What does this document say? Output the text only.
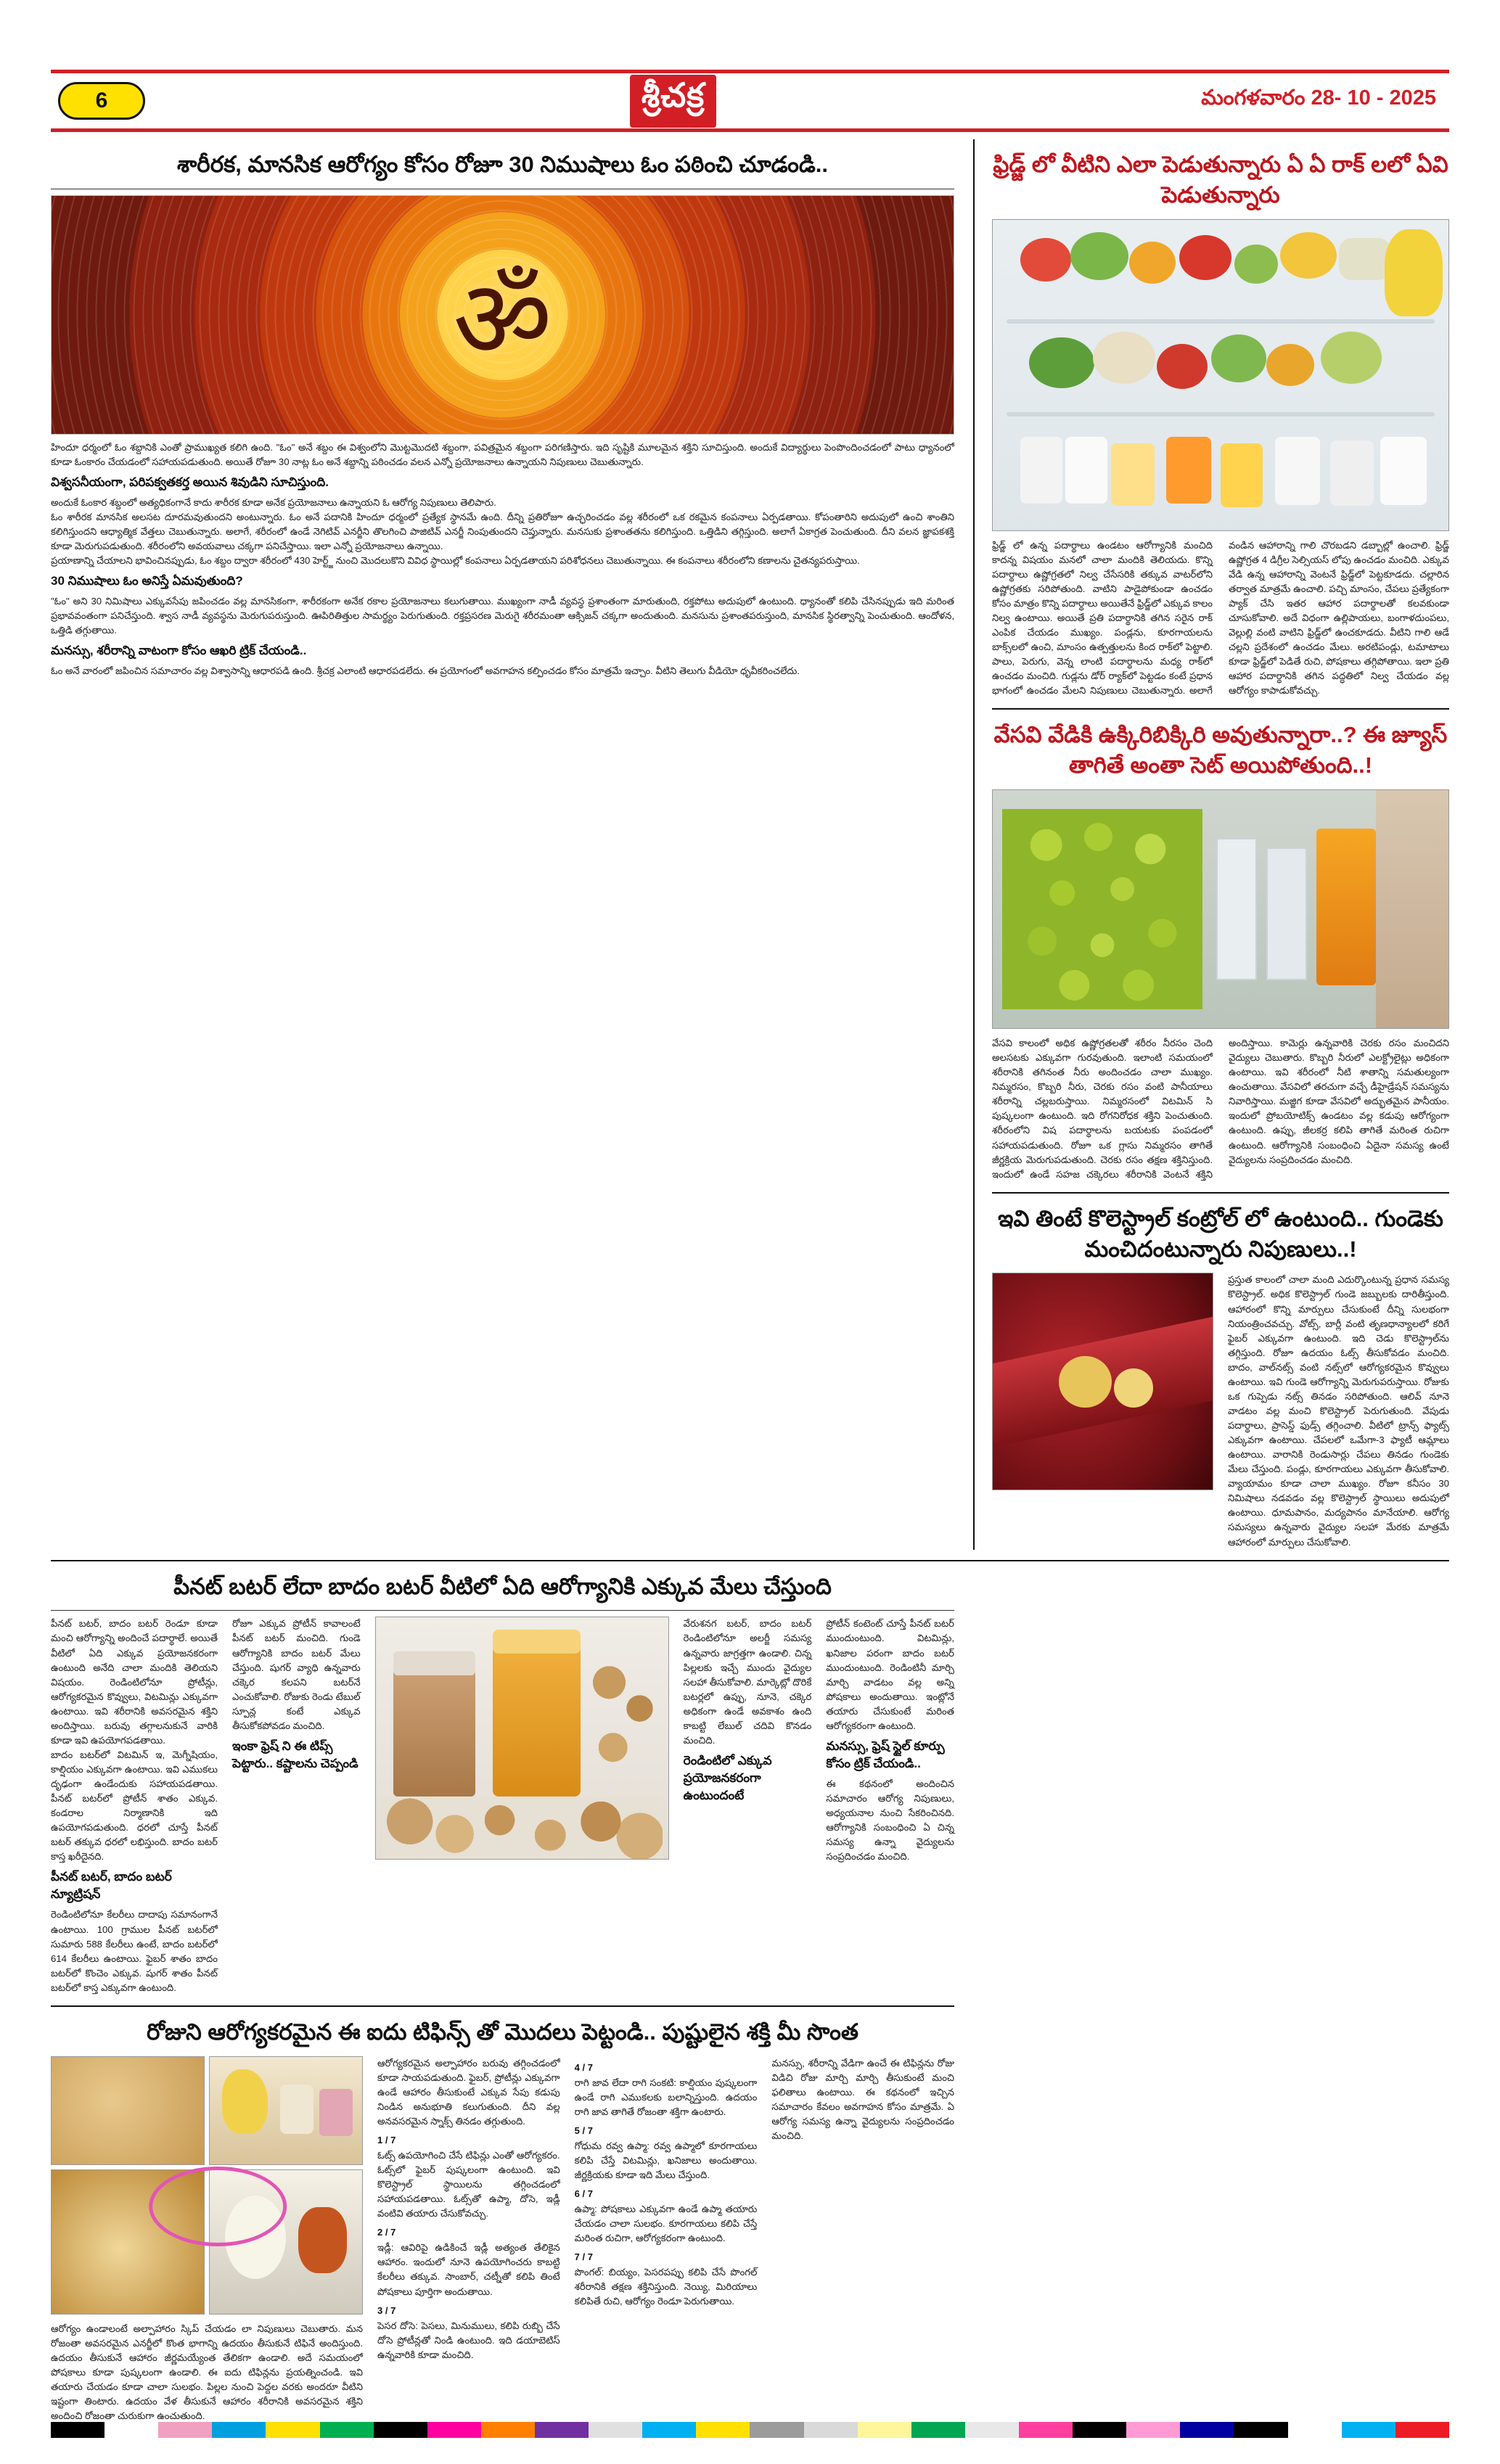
6	శ్రీచక్ర	మంగళవారం 28- 10 - 2025
శారీరక, మానసిక ఆరోగ్యం కోసం రోజూ 30 నిముషాలు ఓం పఠించి చూడండి..
ॐ
హిందూ ధర్మంలో ఓం శబ్దానికి ఎంతో ప్రాముఖ్యత కలిగి ఉంది. "ఓం" అనే శబ్దం ఈ విశ్వంలోని మొట్టమొదటి శబ్దంగా, పవిత్రమైన శబ్దంగా పరిగణిస్తారు. ఇది సృష్టికి మూలమైన శక్తిని సూచిస్తుంది. అందుకే విద్యార్థులు పెంపొందించడంలో పాటు ధ్యానంలో కూడా ఓంకారం చేయడంలో సహాయపడుతుంది. అయితే రోజూ 30 నాట్ల ఓం అనే శబ్దాన్ని పఠించడం వలన ఎన్నో ప్రయోజనాలు ఉన్నాయని నిపుణులు చెబుతున్నారు.
విశ్వసనీయంగా, పరిపక్వతకర్త అయిన శివుడిని సూచిస్తుంది.
అందుకే ఓంకార శబ్దంలో అత్యధికంగానే కాదు శారీరక కూడా అనేక ప్రయోజనాలు ఉన్నాయని ఓ ఆరోగ్య నిపుణులు తెలిపారు.
ఓం శారీరక మానసిక అలసట దూరమవుతుందని అంటున్నారు. ఓం అనే పదానికి హిందూ ధర్మంలో ప్రత్యేక స్థానమే ఉంది. దీన్ని ప్రతిరోజూ ఉచ్ఛరించడం వల్ల శరీరంలో ఒక రకమైన కంపనాలు ఏర్పడతాయి. కోపంతారిని అదుపులో ఉంచి శాంతిని కలిగిస్తుందని ఆధ్యాత్మిక వేత్తలు చెబుతున్నారు. అలాగే, శరీరంలో ఉండే నెగిటివ్ ఎనర్జీని తొలగించి పాజిటివ్ ఎనర్జీ నింపుతుందని చెప్తున్నారు. మనసుకు ప్రశాంతతను కలిగిస్తుంది. ఒత్తిడిని తగ్గిస్తుంది. అలాగే ఏకాగ్రత పెంచుతుంది. దీని వలన జ్ఞాపకశక్తి కూడా మెరుగుపడుతుంది. శరీరంలోని అవయవాలు చక్కగా పనిచేస్తాయి. ఇలా ఎన్నో ప్రయోజనాలు ఉన్నాయి.
ప్రయాణాన్ని చేయాలని భావించినప్పుడు, ఓం శబ్దం ద్వారా శరీరంలో 430 హెర్ట్జ్ నుంచి మొదలుకొని వివిధ స్థాయిల్లో కంపనాలు ఏర్పడతాయని పరిశోధనలు చెబుతున్నాయి. ఈ కంపనాలు శరీరంలోని కణాలను చైతన్యపరుస్తాయి.
30 నిముషాలు ఓం అనిస్తే ఏమవుతుంది?
"ఓం" అని 30 నిమిషాలు ఎక్కువసేపు జపించడం వల్ల మానసికంగా, శారీరకంగా అనేక రకాల ప్రయోజనాలు కలుగుతాయి. ముఖ్యంగా నాడీ వ్యవస్థ ప్రశాంతంగా మారుతుంది, రక్తపోటు అదుపులో ఉంటుంది. ధ్యానంతో కలిపి చేసినప్పుడు ఇది మరింత ప్రభావవంతంగా పనిచేస్తుంది. శ్వాస నాడీ వ్యవస్థను మెరుగుపరుస్తుంది. ఊపిరితిత్తుల సామర్థ్యం పెరుగుతుంది. రక్తప్రసరణ మెరుగై శరీరమంతా ఆక్సిజన్ చక్కగా అందుతుంది. మనసును ప్రశాంతపరుస్తుంది, మానసిక స్థిరత్వాన్ని పెంచుతుంది. ఆందోళన, ఒత్తిడి తగ్గుతాయి.
మనస్సు, శరీరాన్ని వాటంగా కోసం ఆఖరి ట్రిక్ చేయండి..
ఓం అనే వారంలో జపించిన సమాచారం వల్ల విశ్వాసాన్ని ఆధారపడి ఉంది. శ్రీచక్ర ఎలాంటి ఆధారపడలేదు. ఈ ప్రయోగంలో అవగాహన కల్పించడం కోసం మాత్రమే ఇచ్చాం. వీటిని తెలుగు వీడియో ధృవీకరించలేదు.
ఫ్రిడ్జ్ లో వీటిని ఎలా పెడుతున్నారు ఏ ఏ రాక్ లలో ఏవి పెడుతున్నారు
ఫ్రిడ్జ్ లో ఉన్న పదార్థాలు ఉండటం ఆరోగ్యానికి మంచిది కాదన్న విషయం మనలో చాలా మందికి తెలియదు. కొన్ని పదార్థాలు ఉష్ణోగ్రతలో నిల్వ చేసేసరికి తక్కువ వాటర్‌లోని ఉష్ణోగ్రతకు సరిపోతుంది. వాటిని పాడైపోకుండా ఉంచడం కోసం మాత్రం కొన్ని పదార్థాలు అయితేనే ఫ్రిడ్జ్‌లో ఎక్కువ కాలం నిల్వ ఉంటాయి. అయితే ప్రతి పదార్థానికి తగిన సరైన రాక్ ఎంపిక చేయడం ముఖ్యం. పండ్లను, కూరగాయలను బాక్స్‌లలో ఉంచి, మాంసం ఉత్పత్తులను కింద రాక్‌లో పెట్టాలి. పాలు, పెరుగు, వెన్న లాంటి పదార్థాలను మధ్య రాక్‌లో ఉంచడం మంచిది. గుడ్లను డోర్ ర్యాక్‌లో పెట్టడం కంటే ప్రధాన భాగంలో ఉంచడం మేలని నిపుణులు చెబుతున్నారు. అలాగే వండిన ఆహారాన్ని గాలి చొరబడని డబ్బాల్లో ఉంచాలి. ఫ్రిడ్జ్ ఉష్ణోగ్రత 4 డిగ్రీల సెల్సియస్ లోపు ఉంచడం మంచిది. ఎక్కువ వేడి ఉన్న ఆహారాన్ని వెంటనే ఫ్రిడ్జ్‌లో పెట్టకూడదు. చల్లారిన తర్వాత మాత్రమే ఉంచాలి. పచ్చి మాంసం, చేపలు ప్రత్యేకంగా ప్యాక్ చేసి ఇతర ఆహార పదార్థాలతో కలవకుండా చూసుకోవాలి. అదే విధంగా ఉల్లిపాయలు, బంగాళదుంపలు, వెల్లుల్లి వంటి వాటిని ఫ్రిడ్జ్‌లో ఉంచకూడదు. వీటిని గాలి ఆడే చల్లని ప్రదేశంలో ఉంచడం మేలు. అరటిపండ్లు, టమాటాలు కూడా ఫ్రిడ్జ్‌లో పెడితే రుచి, పోషకాలు తగ్గిపోతాయి. ఇలా ప్రతి ఆహార పదార్థానికి తగిన పద్ధతిలో నిల్వ చేయడం వల్ల ఆరోగ్యం కాపాడుకోవచ్చు.
వేసవి వేడికి ఉక్కిరిబిక్కిరి అవుతున్నారా..? ఈ జ్యూస్ తాగితే అంతా సెట్ అయిపోతుంది..!
వేసవి కాలంలో అధిక ఉష్ణోగ్రతలతో శరీరం నీరసం చెంది అలసటకు ఎక్కువగా గురవుతుంది. ఇలాంటి సమయంలో శరీరానికి తగినంత నీరు అందించడం చాలా ముఖ్యం. నిమ్మరసం, కొబ్బరి నీరు, చెరకు రసం వంటి పానీయాలు శరీరాన్ని చల్లబరుస్తాయి. నిమ్మరసంలో విటమిన్ సి పుష్కలంగా ఉంటుంది. ఇది రోగనిరోధక శక్తిని పెంచుతుంది. శరీరంలోని విష పదార్థాలను బయటకు పంపడంలో సహాయపడుతుంది. రోజూ ఒక గ్లాసు నిమ్మరసం తాగితే జీర్ణక్రియ మెరుగుపడుతుంది. చెరకు రసం తక్షణ శక్తినిస్తుంది. ఇందులో ఉండే సహజ చక్కెరలు శరీరానికి వెంటనే శక్తిని అందిస్తాయి. కామెర్లు ఉన్నవారికి చెరకు రసం మంచిదని వైద్యులు చెబుతారు. కొబ్బరి నీరులో ఎలక్ట్రోలైట్లు అధికంగా ఉంటాయి. ఇవి శరీరంలో నీటి శాతాన్ని సమతుల్యంగా ఉంచుతాయి. వేసవిలో తరచుగా వచ్చే డీహైడ్రేషన్ సమస్యను నివారిస్తాయి. మజ్జిగ కూడా వేసవిలో అద్భుతమైన పానీయం. ఇందులో ప్రోబయోటిక్స్ ఉండటం వల్ల కడుపు ఆరోగ్యంగా ఉంటుంది. ఉప్పు, జీలకర్ర కలిపి తాగితే మరింత రుచిగా ఉంటుంది. ఆరోగ్యానికి సంబంధించి ఏదైనా సమస్య ఉంటే వైద్యులను సంప్రదించడం మంచిది.
ఇవి తింటే కొలెస్ట్రాల్ కంట్రోల్ లో ఉంటుంది.. గుండెకు మంచిదంటున్నారు నిపుణులు..!
ప్రస్తుత కాలంలో చాలా మంది ఎదుర్కొంటున్న ప్రధాన సమస్య కొలెస్ట్రాల్. అధిక కొలెస్ట్రాల్ గుండె జబ్బులకు దారితీస్తుంది. ఆహారంలో కొన్ని మార్పులు చేసుకుంటే దీన్ని సులభంగా నియంత్రించవచ్చు. వోట్స్, బార్లీ వంటి తృణధాన్యాలలో కరిగే ఫైబర్ ఎక్కువగా ఉంటుంది. ఇది చెడు కొలెస్ట్రాల్‌ను తగ్గిస్తుంది. రోజూ ఉదయం ఓట్స్ తీసుకోవడం మంచిది. బాదం, వాల్‌నట్స్ వంటి నట్స్‌లో ఆరోగ్యకరమైన కొవ్వులు ఉంటాయి. ఇవి గుండె ఆరోగ్యాన్ని మెరుగుపరుస్తాయి. రోజుకు ఒక గుప్పెడు నట్స్ తినడం సరిపోతుంది. ఆలివ్ నూనె వాడటం వల్ల మంచి కొలెస్ట్రాల్ పెరుగుతుంది. వేపుడు పదార్థాలు, ప్రాసెస్డ్ ఫుడ్స్ తగ్గించాలి. వీటిలో ట్రాన్స్ ఫ్యాట్స్ ఎక్కువగా ఉంటాయి. చేపలలో ఒమేగా-3 ఫ్యాటీ ఆమ్లాలు ఉంటాయి. వారానికి రెండుసార్లు చేపలు తినడం గుండెకు మేలు చేస్తుంది. పండ్లు, కూరగాయలు ఎక్కువగా తీసుకోవాలి. వ్యాయామం కూడా చాలా ముఖ్యం. రోజూ కనీసం 30 నిమిషాలు నడవడం వల్ల కొలెస్ట్రాల్ స్థాయిలు అదుపులో ఉంటాయి. ధూమపానం, మద్యపానం మానేయాలి. ఆరోగ్య సమస్యలు ఉన్నవారు వైద్యుల సలహా మేరకు మాత్రమే ఆహారంలో మార్పులు చేసుకోవాలి.
పీనట్ బటర్ లేదా బాదం బటర్ వీటిలో ఏది ఆరోగ్యానికి ఎక్కువ మేలు చేస్తుంది
పీనట్ బటర్, బాదం బటర్ రెండూ కూడా మంచి ఆరోగ్యాన్ని అందించే పదార్థాలే. అయితే వీటిలో ఏది ఎక్కువ ప్రయోజనకరంగా ఉంటుంది అనేది చాలా మందికి తెలియని విషయం. రెండింటిలోనూ ప్రోటీన్లు, ఆరోగ్యకరమైన కొవ్వులు, విటమిన్లు ఎక్కువగా ఉంటాయి. ఇవి శరీరానికి అవసరమైన శక్తిని అందిస్తాయి. బరువు తగ్గాలనుకునే వారికి కూడా ఇవి ఉపయోగపడతాయి.
బాదం బటర్‌లో విటమిన్ ఇ, మెగ్నీషియం, కాల్షియం ఎక్కువగా ఉంటాయి. ఇవి ఎముకలు దృఢంగా ఉండేందుకు సహాయపడతాయి. పీనట్ బటర్‌లో ప్రోటీన్ శాతం ఎక్కువ. కండరాల నిర్మాణానికి ఇది ఉపయోగపడుతుంది. ధరలో చూస్తే పీనట్ బటర్ తక్కువ ధరలో లభిస్తుంది. బాదం బటర్ కాస్త ఖరీదైనది.
పీనట్ బటర్, బాదం బటర్ న్యూట్రిషన్
రెండింటిలోనూ కేలరీలు దాదాపు సమానంగానే ఉంటాయి. 100 గ్రాముల పీనట్ బటర్‌లో సుమారు 588 కేలరీలు ఉంటే, బాదం బటర్‌లో 614 కేలరీలు ఉంటాయి. ఫైబర్ శాతం బాదం బటర్‌లో కొంచెం ఎక్కువ. షుగర్ శాతం పీనట్ బటర్‌లో కాస్త ఎక్కువగా ఉంటుంది.
రోజూ ఎక్కువ ప్రోటీన్ కావాలంటే పీనట్ బటర్ మంచిది. గుండె ఆరోగ్యానికి బాదం బటర్ మేలు చేస్తుంది. షుగర్ వ్యాధి ఉన్నవారు చక్కెర కలపని బటర్‌నే ఎంచుకోవాలి. రోజుకు రెండు టేబుల్ స్పూన్ల కంటే ఎక్కువ తీసుకోకపోవడం మంచిది.
ఇంకా ఫ్రెష్ ని ఈ టిప్స్ పెట్టారు.. కష్టాలను చెప్పండి
వేరుశనగ బటర్, బాదం బటర్ రెండింటిలోనూ అలర్జీ సమస్య ఉన్నవారు జాగ్రత్తగా ఉండాలి. చిన్న పిల్లలకు ఇచ్చే ముందు వైద్యుల సలహా తీసుకోవాలి. మార్కెట్లో దొరికే బటర్లలో ఉప్పు, నూనె, చక్కెర అధికంగా ఉండే అవకాశం ఉంది కాబట్టి లేబుల్ చదివి కొనడం మంచిది.
రెండింటిలో ఎక్కువ ప్రయోజనకరంగా ఉంటుందంటే
ప్రోటీన్ కంటెంట్ చూస్తే పీనట్ బటర్ ముందుంటుంది. విటమిన్లు, ఖనిజాల పరంగా బాదం బటర్ ముందుంటుంది. రెండింటినీ మార్చి మార్చి వాడటం వల్ల అన్ని పోషకాలు అందుతాయి. ఇంట్లోనే తయారు చేసుకుంటే మరింత ఆరోగ్యకరంగా ఉంటుంది.
మనస్సు, ఫ్రెష్ స్టైల్ కూర్పు కోసం ట్రిక్ చేయండి..
ఈ కథనంలో అందించిన సమాచారం ఆరోగ్య నిపుణులు, అధ్యయనాల నుంచి సేకరించినది. ఆరోగ్యానికి సంబంధించి ఏ చిన్న సమస్య ఉన్నా వైద్యులను సంప్రదించడం మంచిది.
రోజుని ఆరోగ్యకరమైన ఈ ఐదు టిఫిన్స్ తో మొదలు పెట్టండి.. పుష్టులైన శక్తి మీ సొంత
ఆరోగ్యం ఉండాలంటే అల్పాహారం స్కిప్ చేయడం లా నిపుణులు చెబుతారు. మన రోజంతా అవసరమైన ఎనర్జీలో కొంత భాగాన్ని ఉదయం తీసుకునే టిఫినే అందిస్తుంది. ఉదయం తీసుకునే ఆహారం జీర్ణమయ్యేంత తేలికగా ఉండాలి. అదే సమయంలో పోషకాలు కూడా పుష్కలంగా ఉండాలి. ఈ ఐదు టిఫిన్లను ప్రయత్నించండి. ఇవి తయారు చేయడం కూడా చాలా సులభం. పిల్లల నుంచి పెద్దల వరకు అందరూ వీటిని ఇష్టంగా తింటారు. ఉదయం వేళ తీసుకునే ఆహారం శరీరానికి అవసరమైన శక్తిని అందించి రోజంతా చురుకుగా ఉంచుతుంది.
ఆరోగ్యకరమైన అల్పాహారం బరువు తగ్గించడంలో కూడా సాయపడుతుంది. ఫైబర్, ప్రోటీన్లు ఎక్కువగా ఉండే ఆహారం తీసుకుంటే ఎక్కువ సేపు కడుపు నిండిన అనుభూతి కలుగుతుంది. దీని వల్ల అనవసరమైన స్నాక్స్ తినడం తగ్గుతుంది.
1 / 7
ఓట్స్ ఉపయోగించి చేసే టిఫిన్లు ఎంతో ఆరోగ్యకరం. ఓట్స్‌లో ఫైబర్ పుష్కలంగా ఉంటుంది. ఇవి కొలెస్ట్రాల్ స్థాయిలను తగ్గించడంలో సహాయపడతాయి. ఓట్స్‌తో ఉప్మా, దోసె, ఇడ్లీ వంటివి తయారు చేసుకోవచ్చు.
2 / 7
ఇడ్లీ: ఆవిరిపై ఉడికించే ఇడ్లీ అత్యంత తేలికైన ఆహారం. ఇందులో నూనె ఉపయోగించరు కాబట్టి కేలరీలు తక్కువ. సాంబార్, చట్నీతో కలిపి తింటే పోషకాలు పూర్తిగా అందుతాయి.
3 / 7
పెసర దోసె: పెసలు, మినుములు, కలిపి రుబ్బి చేసే దోసె ప్రోటీన్లతో నిండి ఉంటుంది. ఇది డయాబెటిస్ ఉన్నవారికి కూడా మంచిది.
4 / 7
రాగి జావ లేదా రాగి సంకటి: కాల్షియం పుష్కలంగా ఉండే రాగి ఎముకలకు బలాన్నిస్తుంది. ఉదయం రాగి జావ తాగితే రోజంతా శక్తిగా ఉంటారు.
5 / 7
గోధుమ రవ్వ ఉప్మా: రవ్వ ఉప్మాలో కూరగాయలు కలిపి చేస్తే విటమిన్లు, ఖనిజాలు అందుతాయి. జీర్ణక్రియకు కూడా ఇది మేలు చేస్తుంది.
6 / 7
ఉప్మా: పోషకాలు ఎక్కువగా ఉండే ఉప్మా తయారు చేయడం చాలా సులభం. కూరగాయలు కలిపి చేస్తే మరింత రుచిగా, ఆరోగ్యకరంగా ఉంటుంది.
7 / 7
పొంగల్: బియ్యం, పెసరపప్పు కలిపి చేసే పొంగల్ శరీరానికి తక్షణ శక్తినిస్తుంది. నెయ్యి, మిరియాలు కలిపితే రుచి, ఆరోగ్యం రెండూ పెరుగుతాయి.
మనస్సు, శరీరాన్ని వేడిగా ఉంచే ఈ టిఫిన్లను రోజు విడిచి రోజు మార్చి మార్చి తీసుకుంటే మంచి ఫలితాలు ఉంటాయి. ఈ కథనంలో ఇచ్చిన సమాచారం కేవలం అవగాహన కోసం మాత్రమే. ఏ ఆరోగ్య సమస్య ఉన్నా వైద్యులను సంప్రదించడం మంచిది.
